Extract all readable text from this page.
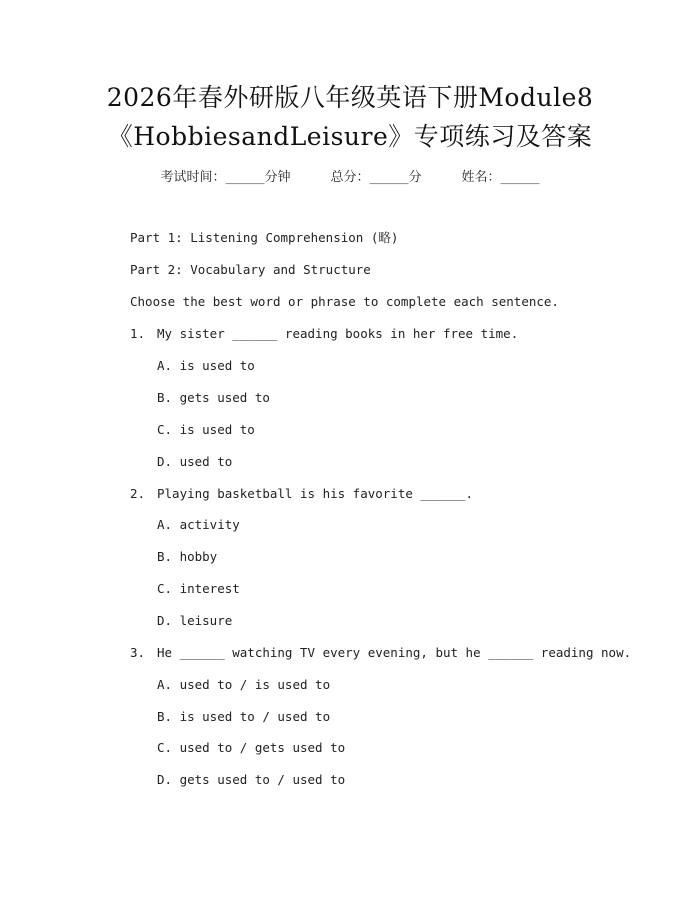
2026年春外研版八年级英语下册Module8
《HobbiesandLeisure》专项练习及答案
考试时间：______分钟	总分：______分	姓名：______
Part 1: Listening Comprehension (略)
Part 2: Vocabulary and Structure
Choose the best word or phrase to complete each sentence.
1. My sister ______ reading books in her free time.
A. is used to
B. gets used to
C. is used to
D. used to
2. Playing basketball is his favorite ______.
A. activity
B. hobby
C. interest
D. leisure
3. He ______ watching TV every evening, but he ______ reading now.
A. used to / is used to
B. is used to / used to
C. used to / gets used to
D. gets used to / used to
